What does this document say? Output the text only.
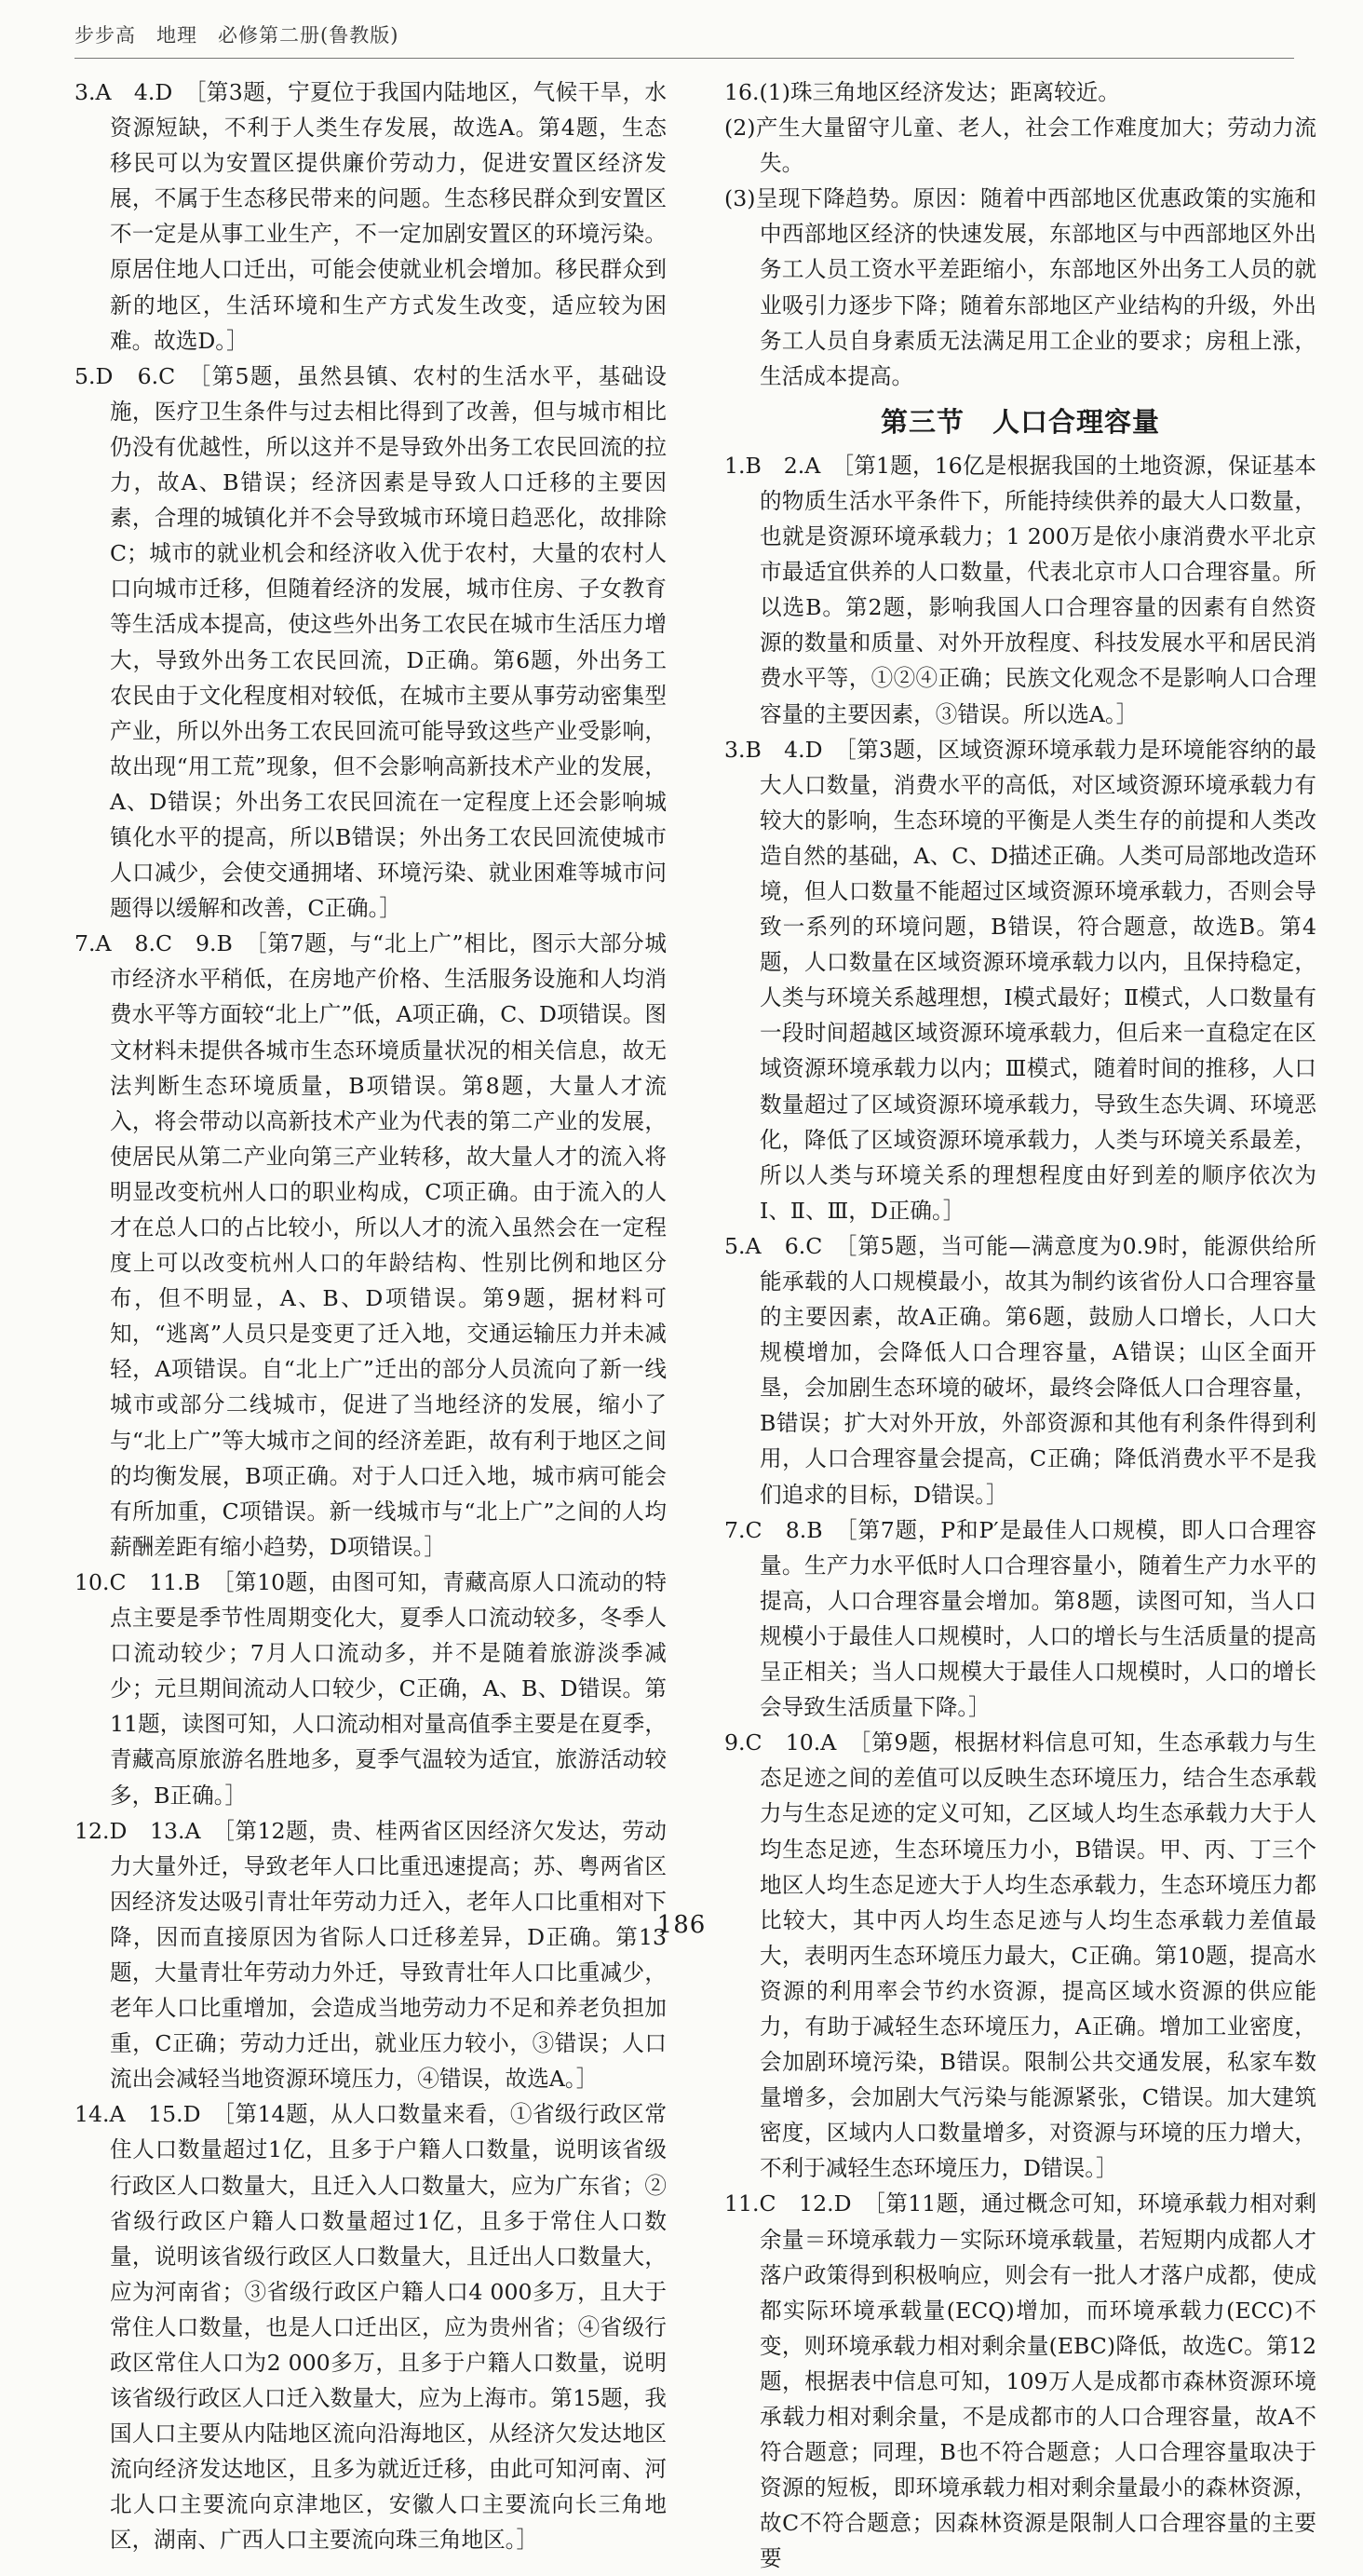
步步高　地理　必修第二册(鲁教版)
3.A　4.D　［第3题，宁夏位于我国内陆地区，气候干旱，水资源短缺，不利于人类生存发展，故选A。第4题，生态移民可以为安置区提供廉价劳动力，促进安置区经济发展，不属于生态移民带来的问题。生态移民群众到安置区不一定是从事工业生产，不一定加剧安置区的环境污染。原居住地人口迁出，可能会使就业机会增加。移民群众到新的地区，生活环境和生产方式发生改变，适应较为困难。故选D。］
5.D　6.C　［第5题，虽然县镇、农村的生活水平，基础设施，医疗卫生条件与过去相比得到了改善，但与城市相比仍没有优越性，所以这并不是导致外出务工农民回流的拉力，故A、B错误；经济因素是导致人口迁移的主要因素，合理的城镇化并不会导致城市环境日趋恶化，故排除C；城市的就业机会和经济收入优于农村，大量的农村人口向城市迁移，但随着经济的发展，城市住房、子女教育等生活成本提高，使这些外出务工农民在城市生活压力增大，导致外出务工农民回流，D正确。第6题，外出务工农民由于文化程度相对较低，在城市主要从事劳动密集型产业，所以外出务工农民回流可能导致这些产业受影响，故出现“用工荒”现象，但不会影响高新技术产业的发展，A、D错误；外出务工农民回流在一定程度上还会影响城镇化水平的提高，所以B错误；外出务工农民回流使城市人口减少，会使交通拥堵、环境污染、就业困难等城市问题得以缓解和改善，C正确。］
7.A　8.C　9.B　［第7题，与“北上广”相比，图示大部分城市经济水平稍低，在房地产价格、生活服务设施和人均消费水平等方面较“北上广”低，A项正确，C、D项错误。图文材料未提供各城市生态环境质量状况的相关信息，故无法判断生态环境质量，B项错误。第8题，大量人才流入，将会带动以高新技术产业为代表的第二产业的发展，使居民从第二产业向第三产业转移，故大量人才的流入将明显改变杭州人口的职业构成，C项正确。由于流入的人才在总人口的占比较小，所以人才的流入虽然会在一定程度上可以改变杭州人口的年龄结构、性别比例和地区分布，但不明显，A、B、D项错误。第9题，据材料可知，“逃离”人员只是变更了迁入地，交通运输压力并未减轻，A项错误。自“北上广”迁出的部分人员流向了新一线城市或部分二线城市，促进了当地经济的发展，缩小了与“北上广”等大城市之间的经济差距，故有利于地区之间的均衡发展，B项正确。对于人口迁入地，城市病可能会有所加重，C项错误。新一线城市与“北上广”之间的人均薪酬差距有缩小趋势，D项错误。］
10.C　11.B　［第10题，由图可知，青藏高原人口流动的特点主要是季节性周期变化大，夏季人口流动较多，冬季人口流动较少；7月人口流动多，并不是随着旅游淡季减少；元旦期间流动人口较少，C正确，A、B、D错误。第11题，读图可知，人口流动相对量高值季主要是在夏季，青藏高原旅游名胜地多，夏季气温较为适宜，旅游活动较多，B正确。］
12.D　13.A　［第12题，贵、桂两省区因经济欠发达，劳动力大量外迁，导致老年人口比重迅速提高；苏、粤两省区因经济发达吸引青壮年劳动力迁入，老年人口比重相对下降，因而直接原因为省际人口迁移差异，D正确。第13题，大量青壮年劳动力外迁，导致青壮年人口比重减少，老年人口比重增加，会造成当地劳动力不足和养老负担加重，C正确；劳动力迁出，就业压力较小，③错误；人口流出会减轻当地资源环境压力，④错误，故选A。］
14.A　15.D　［第14题，从人口数量来看，①省级行政区常住人口数量超过1亿，且多于户籍人口数量，说明该省级行政区人口数量大，且迁入人口数量大，应为广东省；②省级行政区户籍人口数量超过1亿，且多于常住人口数量，说明该省级行政区人口数量大，且迁出人口数量大，应为河南省；③省级行政区户籍人口4 000多万，且大于常住人口数量，也是人口迁出区，应为贵州省；④省级行政区常住人口为2 000多万，且多于户籍人口数量，说明该省级行政区人口迁入数量大，应为上海市。第15题，我国人口主要从内陆地区流向沿海地区，从经济欠发达地区流向经济发达地区，且多为就近迁移，由此可知河南、河北人口主要流向京津地区，安徽人口主要流向长三角地区，湖南、广西人口主要流向珠三角地区。］
16.(1)珠三角地区经济发达；距离较近。
(2)产生大量留守儿童、老人，社会工作难度加大；劳动力流失。
(3)呈现下降趋势。原因：随着中西部地区优惠政策的实施和中西部地区经济的快速发展，东部地区与中西部地区外出务工人员工资水平差距缩小，东部地区外出务工人员的就业吸引力逐步下降；随着东部地区产业结构的升级，外出务工人员自身素质无法满足用工企业的要求；房租上涨，生活成本提高。
第三节　人口合理容量
1.B　2.A　［第1题，16亿是根据我国的土地资源，保证基本的物质生活水平条件下，所能持续供养的最大人口数量，也就是资源环境承载力；1 200万是依小康消费水平北京市最适宜供养的人口数量，代表北京市人口合理容量。所以选B。第2题，影响我国人口合理容量的因素有自然资源的数量和质量、对外开放程度、科技发展水平和居民消费水平等，①②④正确；民族文化观念不是影响人口合理容量的主要因素，③错误。所以选A。］
3.B　4.D　［第3题，区域资源环境承载力是环境能容纳的最大人口数量，消费水平的高低，对区域资源环境承载力有较大的影响，生态环境的平衡是人类生存的前提和人类改造自然的基础，A、C、D描述正确。人类可局部地改造环境，但人口数量不能超过区域资源环境承载力，否则会导致一系列的环境问题，B错误，符合题意，故选B。第4题，人口数量在区域资源环境承载力以内，且保持稳定，人类与环境关系越理想，Ⅰ模式最好；Ⅱ模式，人口数量有一段时间超越区域资源环境承载力，但后来一直稳定在区域资源环境承载力以内；Ⅲ模式，随着时间的推移，人口数量超过了区域资源环境承载力，导致生态失调、环境恶化，降低了区域资源环境承载力，人类与环境关系最差，所以人类与环境关系的理想程度由好到差的顺序依次为Ⅰ、Ⅱ、Ⅲ，D正确。］
5.A　6.C　［第5题，当可能—满意度为0.9时，能源供给所能承载的人口规模最小，故其为制约该省份人口合理容量的主要因素，故A正确。第6题，鼓励人口增长，人口大规模增加，会降低人口合理容量，A错误；山区全面开垦，会加剧生态环境的破坏，最终会降低人口合理容量，B错误；扩大对外开放，外部资源和其他有利条件得到利用，人口合理容量会提高，C正确；降低消费水平不是我们追求的目标，D错误。］
7.C　8.B　［第7题，P和P′是最佳人口规模，即人口合理容量。生产力水平低时人口合理容量小，随着生产力水平的提高，人口合理容量会增加。第8题，读图可知，当人口规模小于最佳人口规模时，人口的增长与生活质量的提高呈正相关；当人口规模大于最佳人口规模时，人口的增长会导致生活质量下降。］
9.C　10.A　［第9题，根据材料信息可知，生态承载力与生态足迹之间的差值可以反映生态环境压力，结合生态承载力与生态足迹的定义可知，乙区域人均生态承载力大于人均生态足迹，生态环境压力小，B错误。甲、丙、丁三个地区人均生态足迹大于人均生态承载力，生态环境压力都比较大，其中丙人均生态足迹与人均生态承载力差值最大，表明丙生态环境压力最大，C正确。第10题，提高水资源的利用率会节约水资源，提高区域水资源的供应能力，有助于减轻生态环境压力，A正确。增加工业密度，会加剧环境污染，B错误。限制公共交通发展，私家车数量增多，会加剧大气污染与能源紧张，C错误。加大建筑密度，区域内人口数量增多，对资源与环境的压力增大，不利于减轻生态环境压力，D错误。］
11.C　12.D　［第11题，通过概念可知，环境承载力相对剩余量＝环境承载力－实际环境承载量，若短期内成都人才落户政策得到积极响应，则会有一批人才落户成都，使成都实际环境承载量(ECQ)增加，而环境承载力(ECC)不变，则环境承载力相对剩余量(EBC)降低，故选C。第12题，根据表中信息可知，109万人是成都市森林资源环境承载力相对剩余量，不是成都市的人口合理容量，故A不符合题意；同理，B也不符合题意；人口合理容量取决于资源的短板，即环境承载力相对剩余量最小的森林资源，故C不符合题意；因森林资源是限制人口合理容量的主要要
186
